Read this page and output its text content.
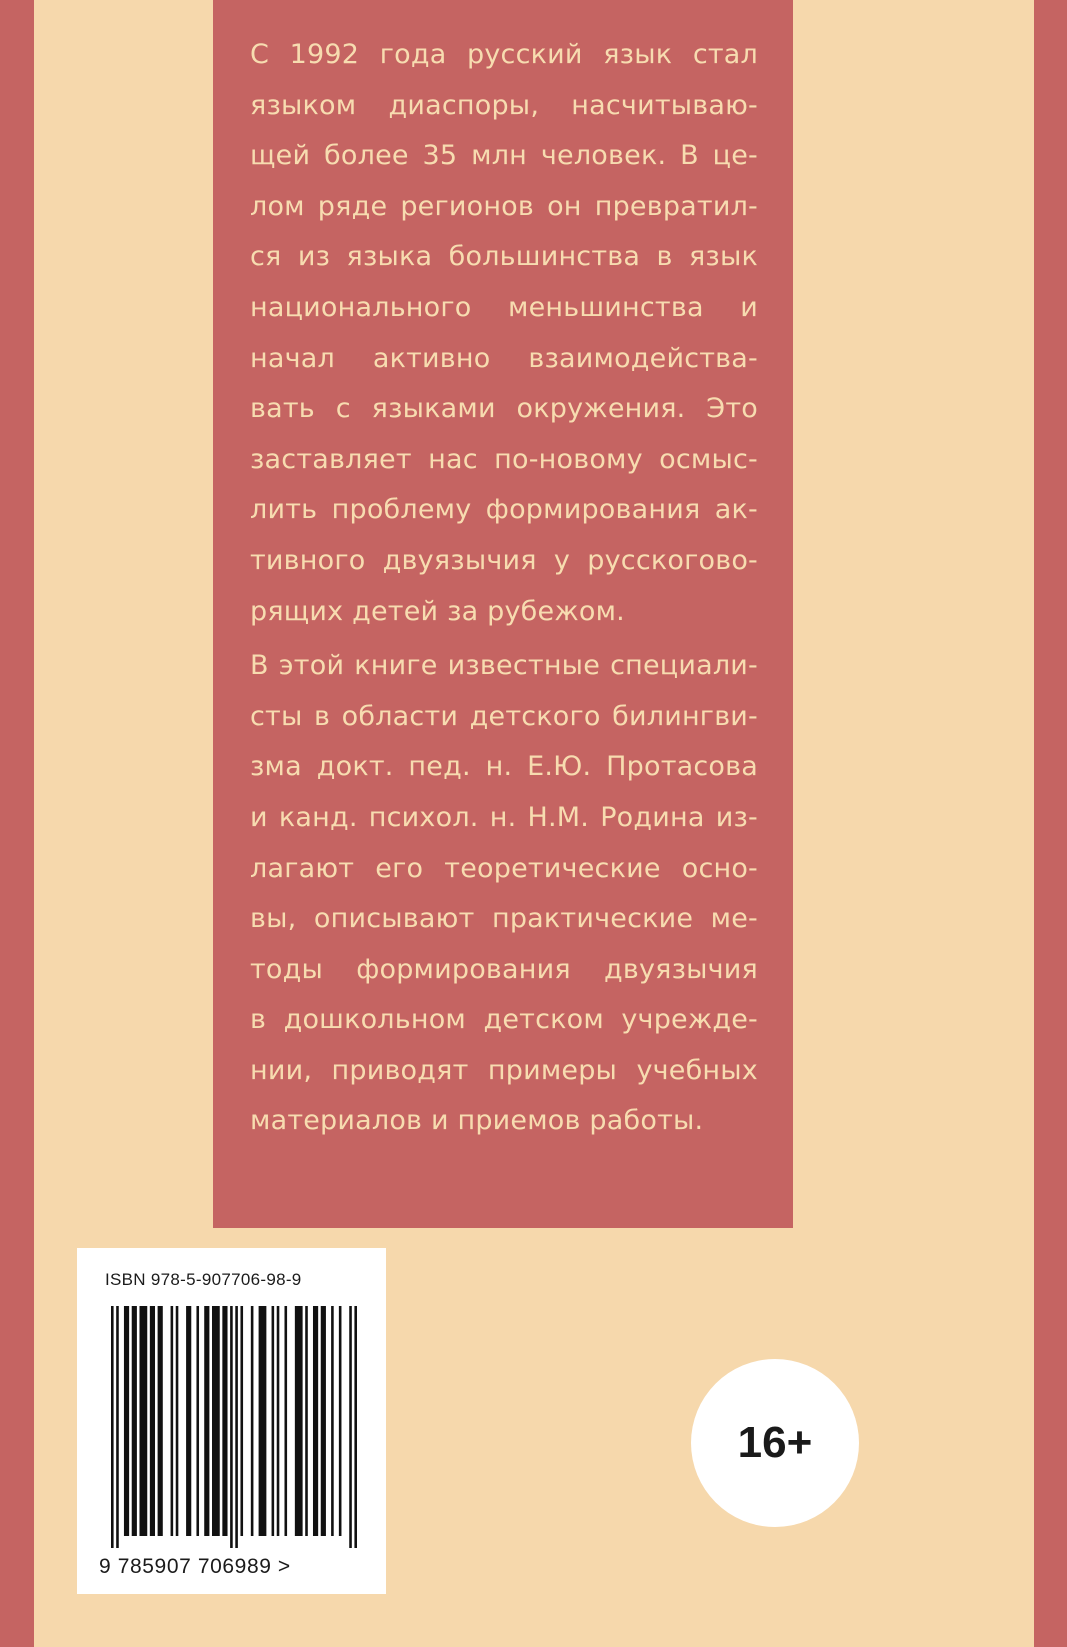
С 1992 года русский язык стал
языком диаспоры, насчитываю-
щей более 35 млн человек. В це-
лом ряде регионов он превратил-
ся из языка большинства в язык
национального меньшинства и
начал активно взаимодейства-
вать с языками окружения. Это
заставляет нас по-новому осмыс-
лить проблему формирования ак-
тивного двуязычия у русскогово-
рящих детей за рубежом.
В этой книге известные специали-
сты в области детского билингви-
зма докт. пед. н. Е.Ю. Протасова
и канд. психол. н. Н.М. Родина из-
лагают его теоретические осно-
вы, описывают практические ме-
тоды формирования двуязычия
в дошкольном детском учрежде-
нии, приводят примеры учебных
материалов и приемов работы.
ISBN 978-5-907706-98-9
9 785907 706989 >
16+
